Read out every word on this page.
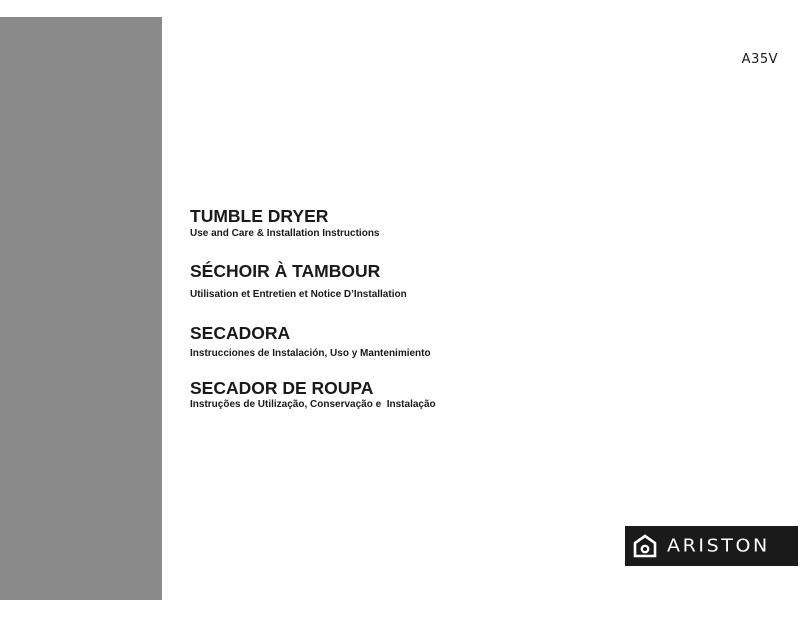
A35V
TUMBLE DRYER

Use and Care & Installation Instructions

SÉCHOIR À TAMBOUR

Utilisation et Entretien et Notice D’Installation

SECADORA

Instrucciones de Instalación, Uso y Mantenimiento

SECADOR DE ROUPA

Instruções de Utilização, Conservação e  Instalação

ARISTON
